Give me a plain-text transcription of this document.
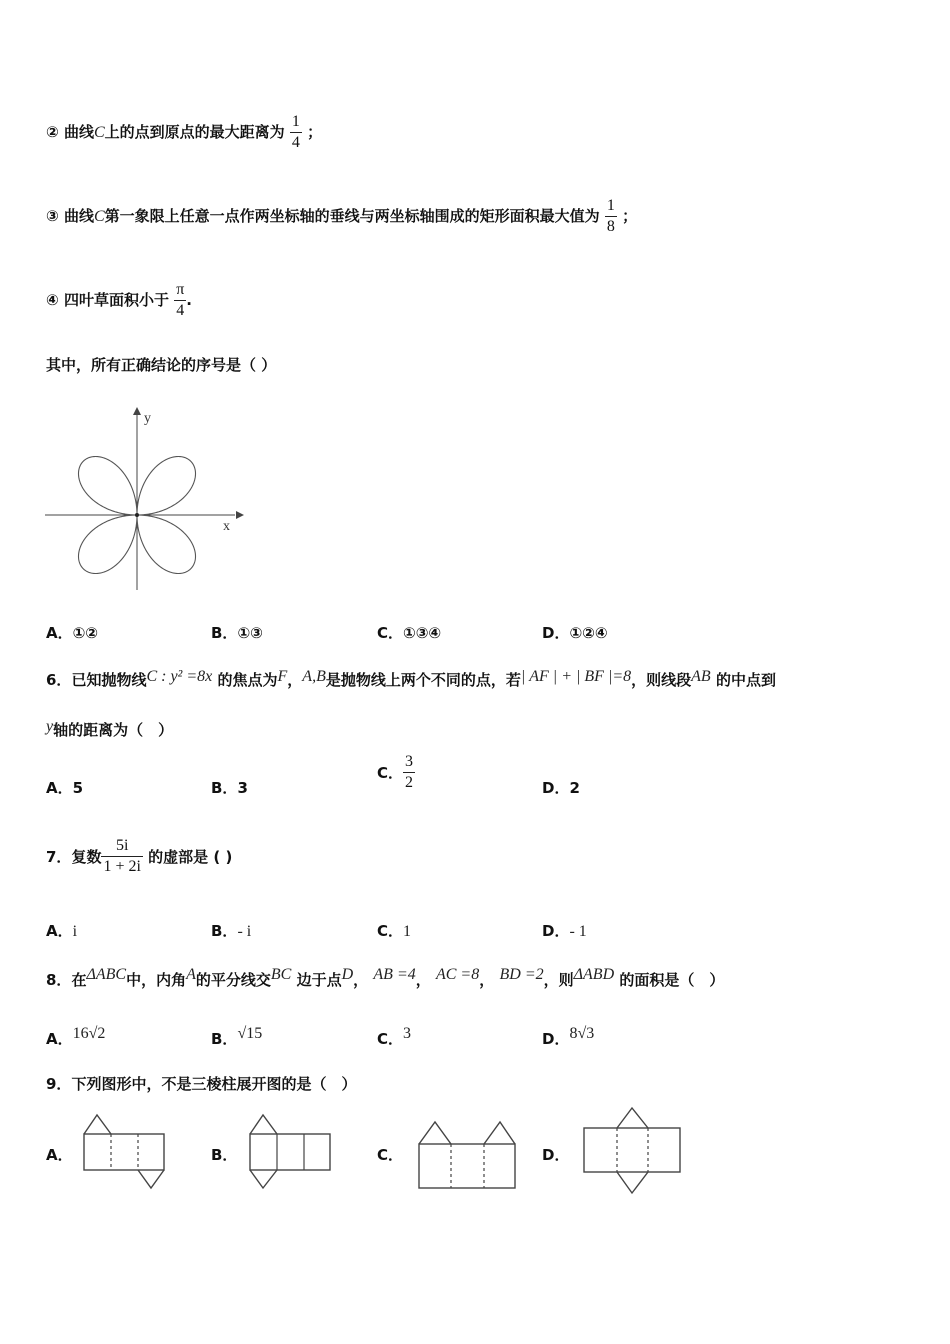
② 曲线C上的点到原点的最大距离为 $\frac{1}{4}$ ；
③ 曲线C第一象限上任意一点作两坐标轴的垂线与两坐标轴围成的矩形面积最大值为 $\frac{1}{8}$ ；
④ 四叶草面积小于 $\frac{\pi}{4}$ .
其中，所有正确结论的序号是（ ）
y
x
A．①②	B．①③	C．①③④	D．①②④
6．已知抛物线C : y² =8x 的焦点为F，A,B是抛物线上两个不同的点，若| AF | + | BF |=8，则线段AB 的中点到
y轴的距离为（　）
A．5	B．3
C． $\frac{3}{2}$	D．2
7．复数 $\frac{5i}{1 + 2i}$ 的虚部是 ( )
A．i	B．- i	C．1	D．- 1
8．在ΔABC中，内角A的平分线交BC 边于点D， AB =4， AC =8， BD =2，则ΔABD 的面积是（　）
A．16√2	B．√15	C．3	D．8√3
9．下列图形中，不是三棱柱展开图的是（　）
A．	B．	C．	D．
